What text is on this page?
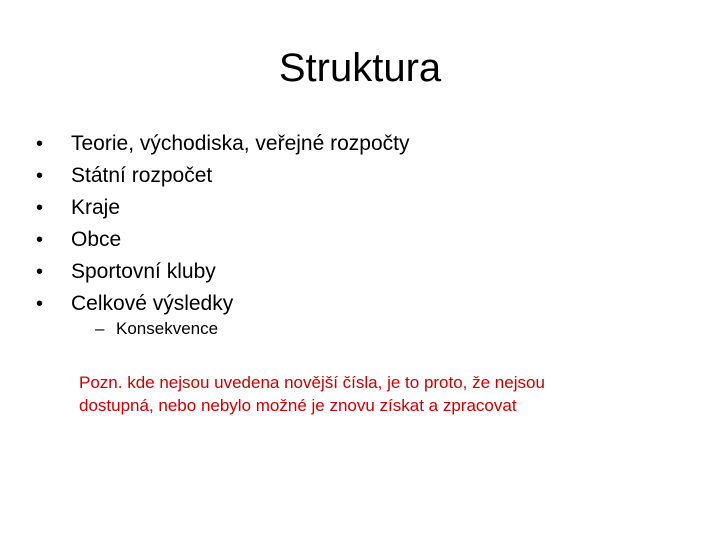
Struktura
•	Teorie, východiska, veřejné rozpočty
•	Státní rozpočet
•	Kraje
•	Obce
•	Sportovní kluby
•	Celkové výsledky
– Konsekvence
Pozn. kde nejsou uvedena novější čísla, je to proto, že nejsou
dostupná, nebo nebylo možné je znovu získat a zpracovat
